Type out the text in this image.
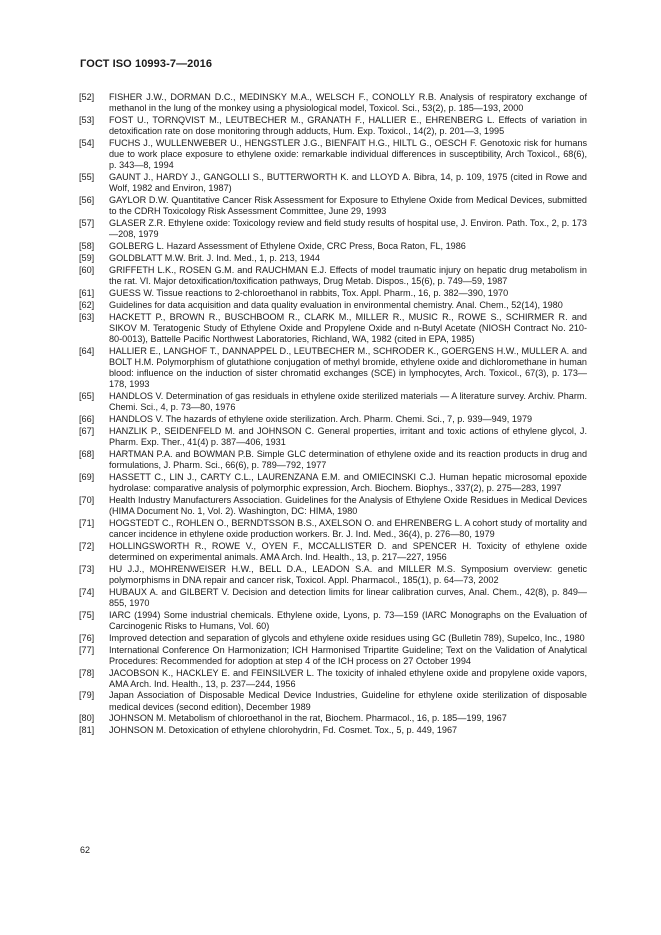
ГОСТ ISO 10993-7—2016
[52]	FISHER J.W., DORMAN D.C., MEDINSKY M.A., WELSCH F., CONOLLY R.B. Analysis of respiratory exchange of methanol in the lung of the monkey using a physiological model, Toxicol. Sci., 53(2), p. 185—193, 2000
[53]	FOST U., TORNQVIST M., LEUTBECHER M., GRANATH F., HALLIER E., EHRENBERG L. Effects of variation in detoxification rate on dose monitoring through adducts, Hum. Exp. Toxicol., 14(2), p. 201—3, 1995
[54]	FUCHS J., WULLENWEBER U., HENGSTLER J.G., BIENFAIT H.G., HILTL G., OESCH F. Genotoxic risk for humans due to work place exposure to ethylene oxide: remarkable individual differences in susceptibility, Arch Toxicol., 68(6), p. 343—8, 1994
[55]	GAUNT J., HARDY J., GANGOLLI S., BUTTERWORTH K. and LLOYD A. Bibra, 14, p. 109, 1975 (cited in Rowe and Wolf, 1982 and Environ, 1987)
[56]	GAYLOR D.W. Quantitative Cancer Risk Assessment for Exposure to Ethylene Oxide from Medical Devices, submitted to the CDRH Toxicology Risk Assessment Committee, June 29, 1993
[57]	GLASER Z.R. Ethylene oxide: Toxicology review and field study results of hospital use, J. Environ. Path. Tox., 2, p. 173—208, 1979
[58]	GOLBERG L. Hazard Assessment of Ethylene Oxide, CRC Press, Boca Raton, FL, 1986
[59]	GOLDBLATT M.W. Brit. J. Ind. Med., 1, p. 213, 1944
[60]	GRIFFETH L.K., ROSEN G.M. and RAUCHMAN E.J. Effects of model traumatic injury on hepatic drug metabolism in the rat. VI. Major detoxification/toxification pathways, Drug Metab. Dispos., 15(6), p. 749—59, 1987
[61]	GUESS W. Tissue reactions to 2-chloroethanol in rabbits, Tox. Appl. Pharm., 16, p. 382—390, 1970
[62]	Guidelines for data acquisition and data quality evaluation in environmental chemistry. Anal. Chem., 52(14), 1980
[63]	HACKETT P., BROWN R., BUSCHBOOM R., CLARK M., MILLER R., MUSIC R., ROWE S., SCHIRMER R. and SIKOV M. Teratogenic Study of Ethylene Oxide and Propylene Oxide and n-Butyl Acetate (NIOSH Contract No. 210-80-0013), Battelle Pacific Northwest Laboratories, Richland, WA, 1982 (cited in EPA, 1985)
[64]	HALLIER E., LANGHOF T., DANNAPPEL D., LEUTBECHER M., SCHRODER K., GOERGENS H.W., MULLER A. and BOLT H.M. Polymorphism of glutathione conjugation of methyl bromide, ethylene oxide and dichloromethane in human blood: influence on the induction of sister chromatid exchanges (SCE) in lymphocytes, Arch. Toxicol., 67(3), p. 173—178, 1993
[65]	HANDLOS V. Determination of gas residuals in ethylene oxide sterilized materials — A literature survey. Archiv. Pharm. Chemi. Sci., 4, p. 73—80, 1976
[66]	HANDLOS V. The hazards of ethylene oxide sterilization. Arch. Pharm. Chemi. Sci., 7, p. 939—949, 1979
[67]	HANZLIK P., SEIDENFELD M. and JOHNSON C. General properties, irritant and toxic actions of ethylene glycol, J. Pharm. Exp. Ther., 41(4) p. 387—406, 1931
[68]	HARTMAN P.A. and BOWMAN P.B. Simple GLC determination of ethylene oxide and its reaction products in drug and formulations, J. Pharm. Sci., 66(6), p. 789—792, 1977
[69]	HASSETT C., LIN J., CARTY C.L., LAURENZANA E.M. and OMIECINSKI C.J. Human hepatic microsomal epoxide hydrolase: comparative analysis of polymorphic expression, Arch. Biochem. Biophys., 337(2), p. 275—283, 1997
[70]	Health Industry Manufacturers Association. Guidelines for the Analysis of Ethylene Oxide Residues in Medical Devices (HIMA Document No. 1, Vol. 2). Washington, DC: HIMA, 1980
[71]	HOGSTEDT C., ROHLEN O., BERNDTSSON B.S., AXELSON O. and EHRENBERG L. A cohort study of mortality and cancer incidence in ethylene oxide production workers. Br. J. Ind. Med., 36(4), p. 276—80, 1979
[72]	HOLLINGSWORTH R., ROWE V., OYEN F., MCCALLISTER D. and SPENCER H. Toxicity of ethylene oxide determined on experimental animals. AMA Arch. Ind. Health., 13, p. 217—227, 1956
[73]	HU J.J., MOHRENWEISER H.W., BELL D.A., LEADON S.A. and MILLER M.S. Symposium overview: genetic polymorphisms in DNA repair and cancer risk, Toxicol. Appl. Pharmacol., 185(1), p. 64—73, 2002
[74]	HUBAUX A. and GILBERT V. Decision and detection limits for linear calibration curves, Anal. Chem., 42(8), p. 849—855, 1970
[75]	IARC (1994) Some industrial chemicals. Ethylene oxide, Lyons, p. 73—159 (IARC Monographs on the Evaluation of Carcinogenic Risks to Humans, Vol. 60)
[76]	Improved detection and separation of glycols and ethylene oxide residues using GC (Bulletin 789), Supelco, Inc., 1980
[77]	International Conference On Harmonization; ICH Harmonised Tripartite Guideline; Text on the Validation of Analytical Procedures: Recommended for adoption at step 4 of the ICH process on 27 October 1994
[78]	JACOBSON K., HACKLEY E. and FEINSILVER L. The toxicity of inhaled ethylene oxide and propylene oxide vapors, AMA Arch. Ind. Health., 13, p. 237—244, 1956
[79]	Japan Association of Disposable Medical Device Industries, Guideline for ethylene oxide sterilization of disposable medical devices (second edition), December 1989
[80]	JOHNSON M. Metabolism of chloroethanol in the rat, Biochem. Pharmacol., 16, p. 185—199, 1967
[81]	JOHNSON M. Detoxication of ethylene chlorohydrin, Fd. Cosmet. Tox., 5, p. 449, 1967
62
